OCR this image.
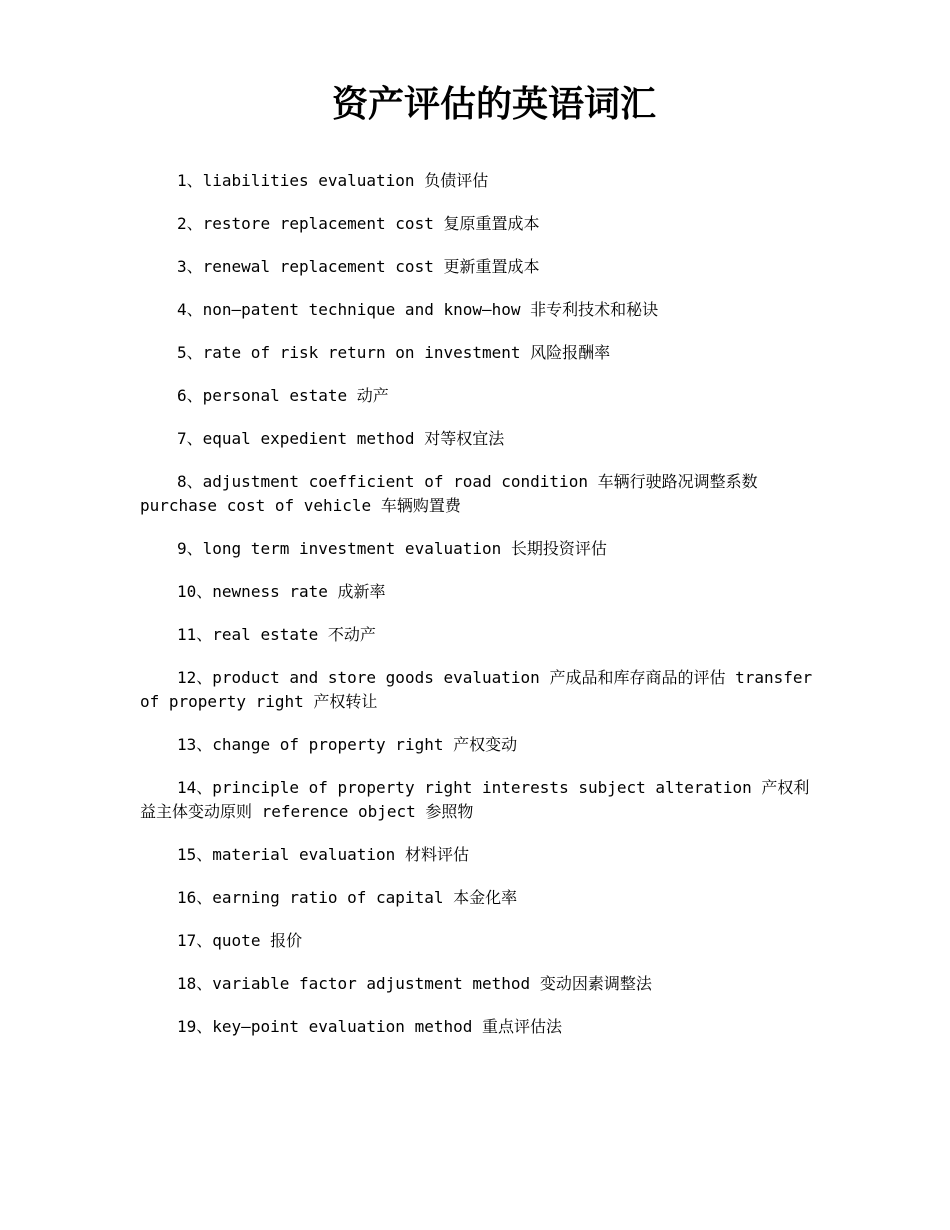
资产评估的英语词汇
1、liabilities evaluation 负债评估
2、restore replacement cost 复原重置成本
3、renewal replacement cost 更新重置成本
4、non—patent technique and know—how 非专利技术和秘诀
5、rate of risk return on investment 风险报酬率
6、personal estate 动产
7、equal expedient method 对等权宜法
8、adjustment coefficient of road condition 车辆行驶路况调整系数 purchase cost of vehicle 车辆购置费
9、long term investment evaluation 长期投资评估
10、newness rate 成新率
11、real estate 不动产
12、product and store goods evaluation 产成品和库存商品的评估 transfer of property right 产权转让
13、change of property right 产权变动
14、principle of property right interests subject alteration 产权利益主体变动原则 reference object 参照物
15、material evaluation 材料评估
16、earning ratio of capital 本金化率
17、quote 报价
18、variable factor adjustment method 变动因素调整法
19、key—point evaluation method 重点评估法
